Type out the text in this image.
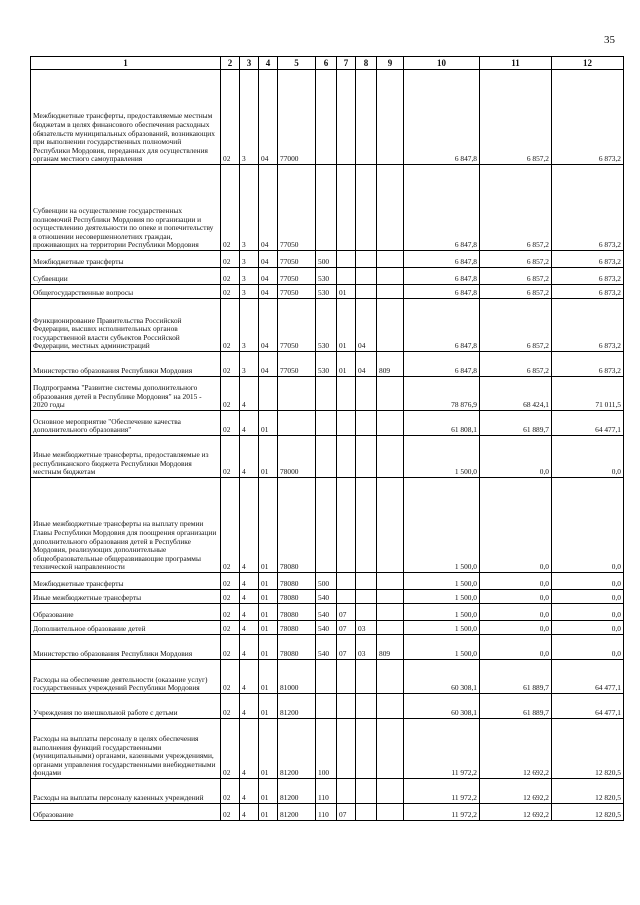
35
1	2	3	4	5	6	7	8	9	10	11	12
Межбюджетные трансферты, предоставляемые местным бюджетам в целях финансового обеспечения расходных обязательств муниципальных образований, возникающих при выполнении государственных полномочий Республики Мордовия, переданных для осуществления органам местного самоуправления	02	3	04	77000					6 847,8	6 857,2	6 873,2
Субвенции на осуществление государственных полномочий Республики Мордовия по организации и осуществлению деятельности по опеке и попечительству в отношении несовершеннолетних граждан, проживающих на территории Республики Мордовия	02	3	04	77050					6 847,8	6 857,2	6 873,2
Межбюджетные трансферты	02	3	04	77050	500				6 847,8	6 857,2	6 873,2
Субвенции	02	3	04	77050	530				6 847,8	6 857,2	6 873,2
Общегосударственные вопросы	02	3	04	77050	530	01			6 847,8	6 857,2	6 873,2
Функционирование Правительства Российской Федерации, высших исполнительных органов государственной власти субъектов Российской Федерации, местных администраций	02	3	04	77050	530	01	04		6 847,8	6 857,2	6 873,2
Министерство образования Республики Мордовия	02	3	04	77050	530	01	04	809	6 847,8	6 857,2	6 873,2
Подпрограмма "Развитие системы дополнительного образования детей в Республике Мордовия" на 2015 - 2020 годы	02	4							78 876,9	68 424,1	71 011,5
Основное мероприятие "Обеспечение качества дополнительного образования"	02	4	01						61 808,1	61 889,7	64 477,1
Иные межбюджетные трансферты, предоставляемые из республиканского бюджета Республики Мордовия местным бюджетам	02	4	01	78000					1 500,0	0,0	0,0
Иные межбюджетные трансферты на выплату премии Главы Республики Мордовия для поощрения организации дополнительного образования детей в Республике Мордовия, реализующих дополнительные общеобразовательные общеразвивающие программы технической направленности	02	4	01	78080					1 500,0	0,0	0,0
Межбюджетные трансферты	02	4	01	78080	500				1 500,0	0,0	0,0
Иные межбюджетные трансферты	02	4	01	78080	540				1 500,0	0,0	0,0
Образование	02	4	01	78080	540	07			1 500,0	0,0	0,0
Дополнительное образование детей	02	4	01	78080	540	07	03		1 500,0	0,0	0,0
Министерство образования Республики Мордовия	02	4	01	78080	540	07	03	809	1 500,0	0,0	0,0
Расходы на обеспечение деятельности (оказание услуг) государственных учреждений Республики Мордовия	02	4	01	81000					60 308,1	61 889,7	64 477,1
Учреждения по внешкольной работе с детьми	02	4	01	81200					60 308,1	61 889,7	64 477,1
Расходы на выплаты персоналу в целях обеспечения выполнения функций государственными (муниципальными) органами, казенными учреждениями, органами управления государственными внебюджетными фондами	02	4	01	81200	100				11 972,2	12 692,2	12 820,5
Расходы на выплаты персоналу казенных учреждений	02	4	01	81200	110				11 972,2	12 692,2	12 820,5
Образование	02	4	01	81200	110	07			11 972,2	12 692,2	12 820,5
